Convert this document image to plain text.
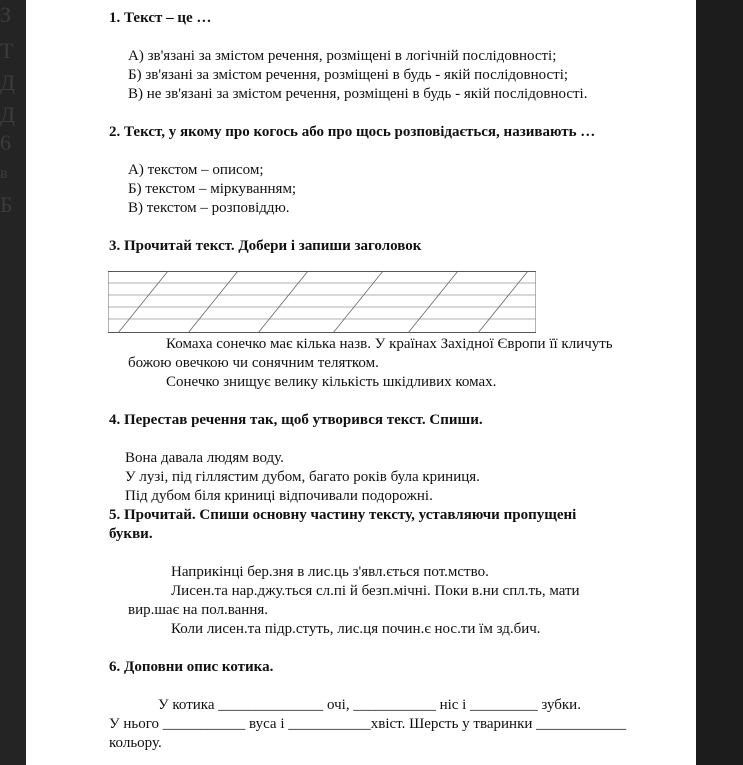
З
Т
Д
Д
6
в
Б
1. Текст – це …
А) зв'язані за змістом речення, розміщені в логічній послідовності;
Б) зв'язані за змістом речення, розміщені в будь - якій послідовності;
В) не зв'язані за змістом речення, розміщені в будь - якій послідовності.
2. Текст, у якому про когось або про щось розповідається, називають …
А) текстом – описом;
Б) текстом – міркуванням;
В) текстом – розповіддю.
3. Прочитай текст. Добери і запиши заголовок
Комаха сонечко має кілька назв. У країнах Західної Європи її кличуть
божою овечкою чи сонячним телятком.
Сонечко знищує велику кількість шкідливих комах.
4. Перестав речення так, щоб утворився текст. Спиши.
Вона давала людям воду.
У лузі, під гіллястим дубом, багато років була криниця.
Під дубом біля криниці відпочивали подорожні.
5. Прочитай. Спиши основну частину тексту, уставляючи пропущені
букви.
Наприкінці бер.зня в лис.ць з'явл.ється пот.мство.
Лисен.та нар.джу.ться сл.пі й безп.мічні. Поки в.ни спл.ть, мати
вир.шає на пол.вання.
Коли лисен.та підр.стуть, лис.ця почин.є нос.ти їм зд.бич.
6. Доповни опис котика.
У котика ______________ очі, ___________ ніс і _________ зубки.
У нього ___________ вуса і ___________хвіст. Шерсть у тваринки ____________
кольору.
